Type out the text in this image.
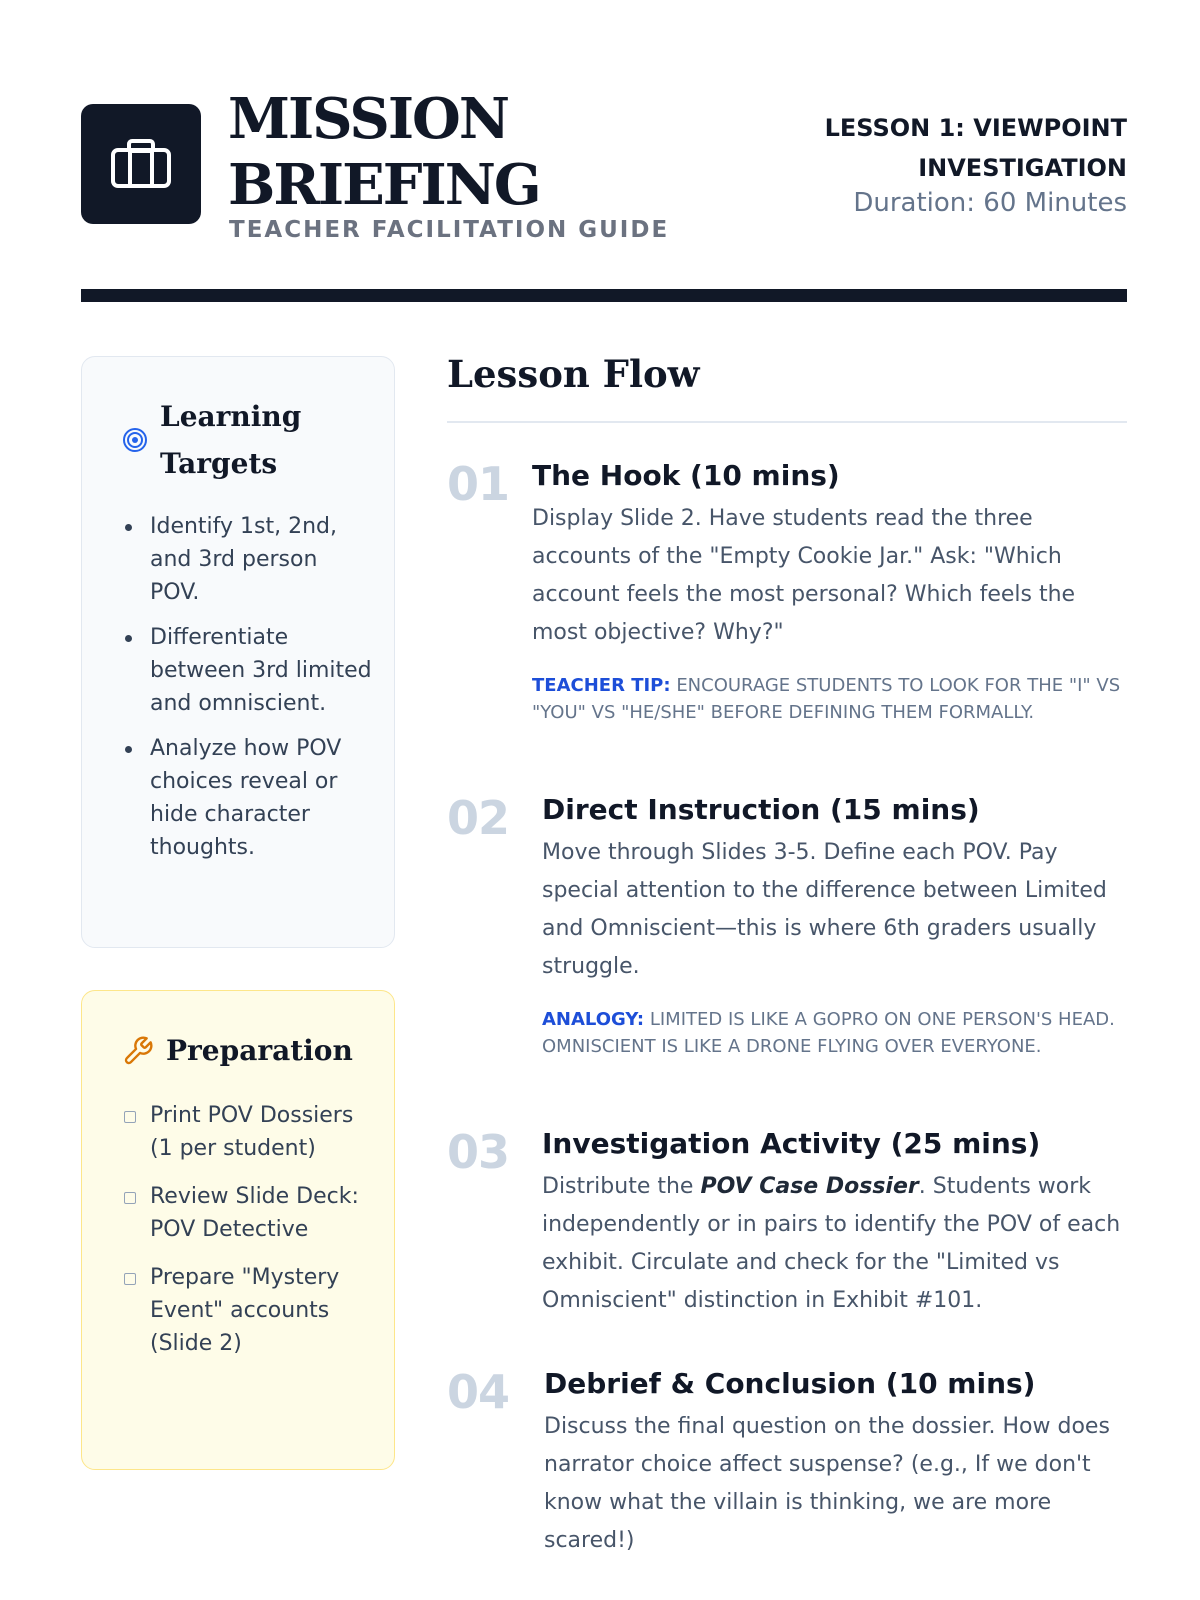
MISSION
BRIEFING
TEACHER FACILITATION GUIDE
LESSON 1: VIEWPOINT INVESTIGATION
Duration: 60 Minutes
Learning Targets
Identify 1st, 2nd, and 3rd person POV.
Differentiate between 3rd limited and omniscient.
Analyze how POV choices reveal or hide character thoughts.
Preparation
Print POV Dossiers (1 per student)
Review Slide Deck: POV Detective
Prepare "Mystery Event" accounts (Slide 2)
Lesson Flow
01 The Hook (10 mins)
Display Slide 2. Have students read the three accounts of the "Empty Cookie Jar." Ask: "Which account feels the most personal? Which feels the most objective? Why?"
TEACHER TIP: ENCOURAGE STUDENTS TO LOOK FOR THE "I" VS "YOU" VS "HE/SHE" BEFORE DEFINING THEM FORMALLY.
02 Direct Instruction (15 mins)
Move through Slides 3-5. Define each POV. Pay special attention to the difference between Limited and Omniscient—this is where 6th graders usually struggle.
ANALOGY: LIMITED IS LIKE A GOPRO ON ONE PERSON'S HEAD. OMNISCIENT IS LIKE A DRONE FLYING OVER EVERYONE.
03 Investigation Activity (25 mins)
Distribute the POV Case Dossier. Students work independently or in pairs to identify the POV of each exhibit. Circulate and check for the "Limited vs Omniscient" distinction in Exhibit #101.
04 Debrief & Conclusion (10 mins)
Discuss the final question on the dossier. How does narrator choice affect suspense? (e.g., If we don't know what the villain is thinking, we are more scared!)
